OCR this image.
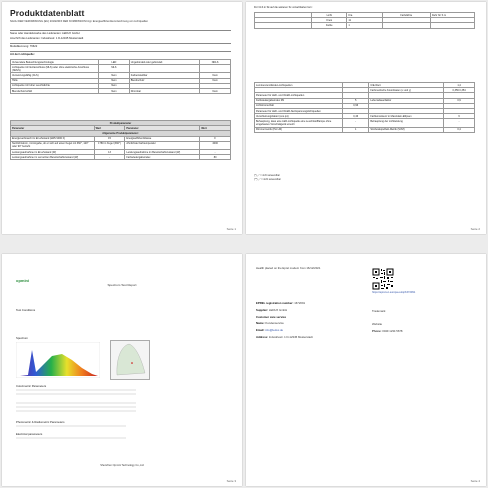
Produktdatenblatt
NACH DER VERORDNUNG (EU) 2019/2015 DER KOMMISSION bzgl. Energieeffizienzkennzeichnung von Lichtquellen
Name oder Handelsmarke des Lieferanten: LEDUX GmbH
Anschrift des Lieferanten: Industriestr. 1 D-12345 Musterstadt
Modellkennung: 76622
Art der Lichtquelle:
Verwendete Beleuchtungstechnologie	LED	Ungebündelt oder gebündelt	NDLS
Lichtquelle mit Netzanschluss (MLS) oder ohne elektrische Anschluss (NMLS)	MLS		
Vernetzungsfähig (CLS)	Nein	Farbeinstellbar	Nein
Hülle	Nein	Blendschutz	Nein
Lichtquelle mit hoher Leuchtdichte	Nein		
Blendschutzschild	Nein	Dimmbar	Nein
Produktparameter			
Parameter	Wert	Parameter	Wert
Allgemeine Produktparameter:			
Energieverbrauch im Ein-Zustand (kWh/1000 h)	15	Energieeffizienzklasse	F
Nutzlichtstrom, mit Angabe, ob er sich auf einen Kegel mit 360°, 120° oder 90° bezieht	1780 in Kugel (360°)	Ähnlichste Farbtemperatur	4000
Leistungsaufnahme im Ein-Zustand (W)	13	Leistungsaufnahme im Bereitschaftszustand (W)	-
Leistungsaufnahme im vernetzten Bereitschaftszustand (W)	-	Farbwiedergabeindex	80
Seite 1
Für CLS in Sk auf die weiteren Sc vorsehbarten fern:
	Licht	Kra	Farbdichte	Dehr für S m
	Kreis	11		
	Farbe	1		
Lumineszenzdioden-Lichtquellen		CIE-Wert	1,4
		Farbmetrische Koordinaten (x und y)	0,356 0,354
Parameter für LED- und OLED-Lichtquellen			
Farbwiedergabeindex R9	5	Lebensdauerfaktor	0,9
Lichtstromerhalt	0,96		
Parameter für LED- und OLED-Netzspannungslichtquellen			
Verschiebungsfaktor (cos φ1)	0,46	Farbkonsistenz in MacAdam-Ellipsen	6
Behauptung, dass eine LED-Lichtquelle eine Leuchtstofflampe ohne eingebautes Vorschaltgerät ersetzt	-	Behauptung der Lichtleistung	-
Flimmermetrik (Pst LM)	1	Stroboskopeffekt-Metrik (SVM)	0,4
(*) „-" = nicht anwendbar
(**) „-" = nicht anwendbar
Seite 2
opmini
Spectrum Test Report
Test Conditions
Spectrum
Colorimetric Parameters
Photometric & Radiometric Parameters
Electrical parameters
Shenzhen Opmini Technology Co.,Ltd
Seite 3
Health placed on the Eprel modern from 16/12/2021
https://eprel.ec.europa.eu/qr/1672091
EPREL registration number: 1672091
Supplier: LEDUX GmbH	Trademark
Customer care service
Name: Kundenservice	Website
Email: info@ledux.de	Phone: 0049 1234 5678
Address: Industriestr. 1 D-12345 Musterstadt
Seite 4
